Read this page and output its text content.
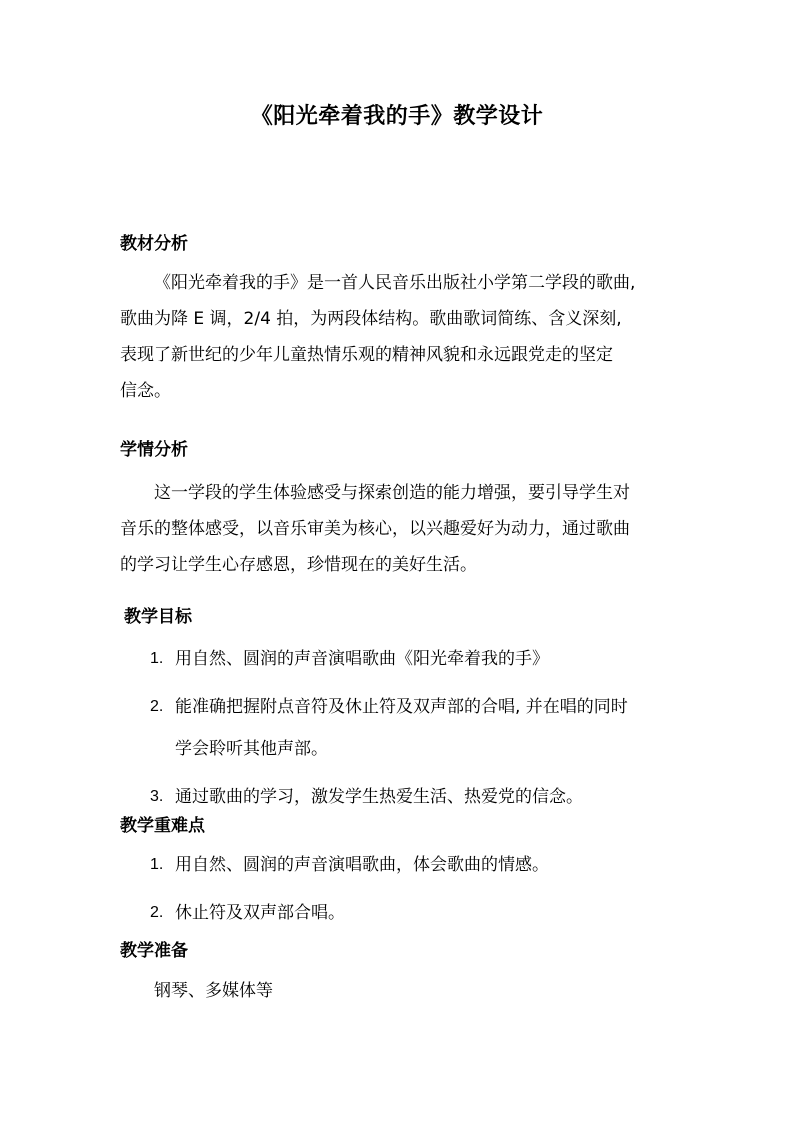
《阳光牵着我的手》教学设计
教材分析
《阳光牵着我的手》是一首人民音乐出版社小学第二学段的歌曲,
歌曲为降 E 调，2/4 拍，为两段体结构。歌曲歌词简练、含义深刻,
表现了新世纪的少年儿童热情乐观的精神风貌和永远跟党走的坚定
信念。
学情分析
这一学段的学生体验感受与探索创造的能力增强，要引导学生对
音乐的整体感受，以音乐审美为核心，以兴趣爱好为动力，通过歌曲
的学习让学生心存感恩，珍惜现在的美好生活。
教学目标
1. 用自然、圆润的声音演唱歌曲《阳光牵着我的手》
2. 能准确把握附点音符及休止符及双声部的合唱, 并在唱的同时
学会聆听其他声部。
3. 通过歌曲的学习，激发学生热爱生活、热爱党的信念。
教学重难点
1. 用自然、圆润的声音演唱歌曲，体会歌曲的情感。
2. 休止符及双声部合唱。
教学准备
钢琴、多媒体等
